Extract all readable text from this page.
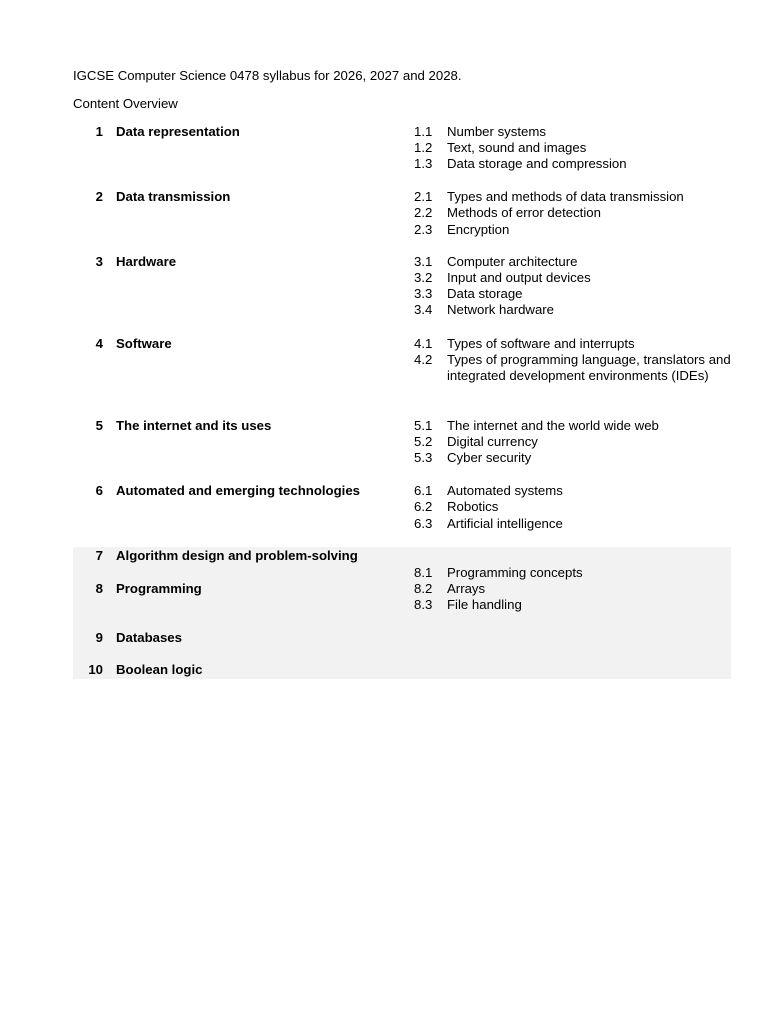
IGCSE Computer Science 0478 syllabus for 2026, 2027 and 2028.
Content Overview
1 Data representation	1.1 Number systems
1.2 Text, sound and images
1.3 Data storage and compression
2 Data transmission	2.1 Types and methods of data transmission
2.2 Methods of error detection
2.3 Encryption
3 Hardware	3.1 Computer architecture
3.2 Input and output devices
3.3 Data storage
3.4 Network hardware
4 Software	4.1 Types of software and interrupts
4.2 Types of programming language, translators and integrated development environments (IDEs)
5 The internet and its uses	5.1 The internet and the world wide web
5.2 Digital currency
5.3 Cyber security
6 Automated and emerging technologies	6.1 Automated systems
6.2 Robotics
6.3 Artificial intelligence
7 Algorithm design and problem-solving
8 Programming
8.1 Programming concepts
8.2 Arrays
8.3 File handling
9 Databases
10 Boolean logic
